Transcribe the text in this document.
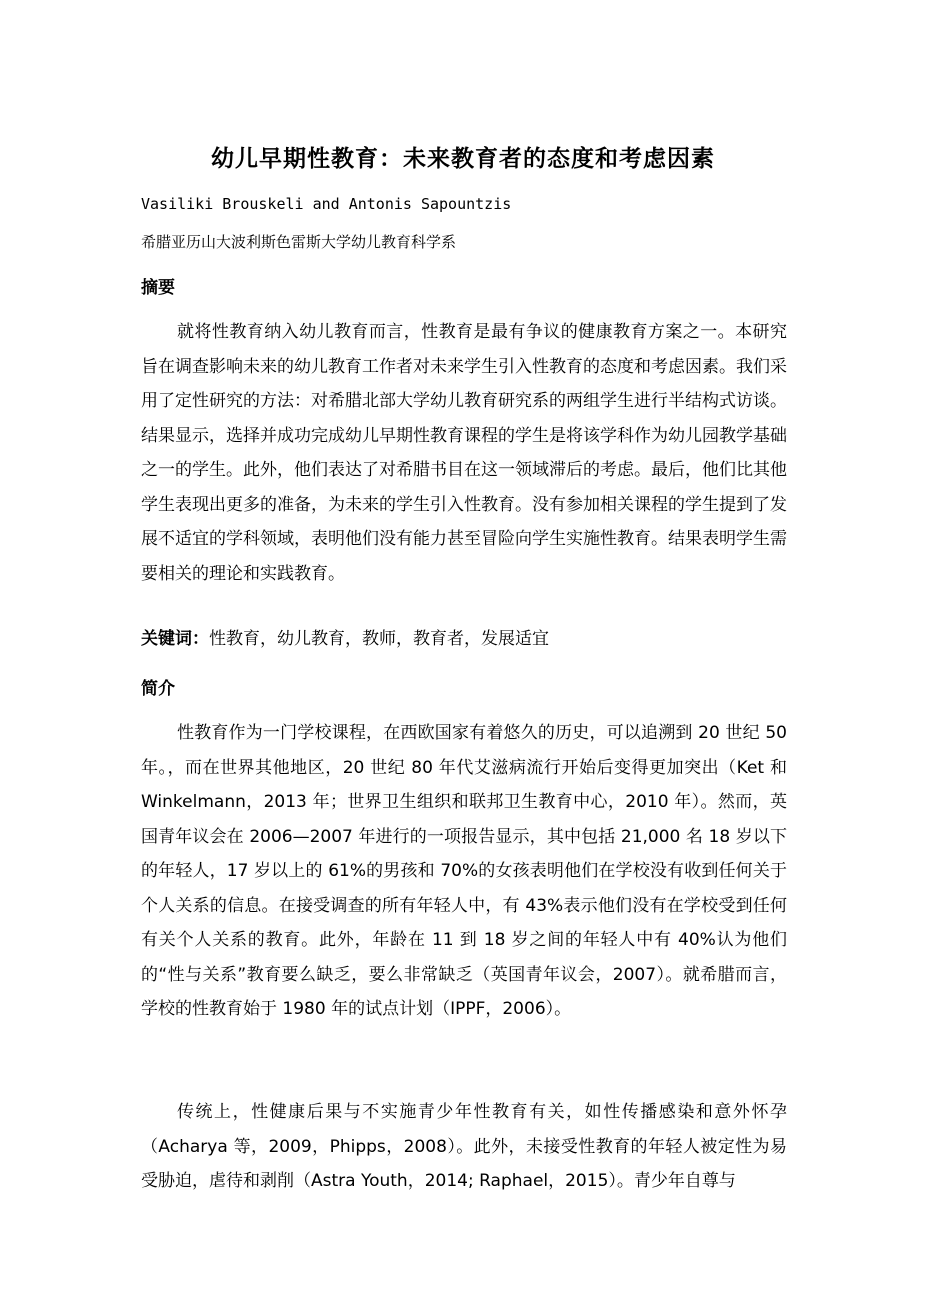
幼儿早期性教育：未来教育者的态度和考虑因素
Vasiliki Brouskeli and Antonis Sapountzis
希腊亚历山大波利斯色雷斯大学幼儿教育科学系
摘要
就将性教育纳入幼儿教育而言，性教育是最有争议的健康教育方案之一。本研究旨在调查影响未来的幼儿教育工作者对未来学生引入性教育的态度和考虑因素。我们采用了定性研究的方法：对希腊北部大学幼儿教育研究系的两组学生进行半结构式访谈。结果显示，选择并成功完成幼儿早期性教育课程的学生是将该学科作为幼儿园教学基础之一的学生。此外，他们表达了对希腊书目在这一领域滞后的考虑。最后，他们比其他学生表现出更多的准备，为未来的学生引入性教育。没有参加相关课程的学生提到了发展不适宜的学科领域，表明他们没有能力甚至冒险向学生实施性教育。结果表明学生需要相关的理论和实践教育。
关键词：性教育，幼儿教育，教师，教育者，发展适宜
简介
性教育作为一门学校课程，在西欧国家有着悠久的历史，可以追溯到 20 世纪 50 年。，而在世界其他地区，20 世纪 80 年代艾滋病流行开始后变得更加突出（Ket 和 Winkelmann，2013 年；世界卫生组织和联邦卫生教育中心，2010 年）。然而，英国青年议会在 2006—2007 年进行的一项报告显示，其中包括 21,000 名 18 岁以下的年轻人，17 岁以上的 61%的男孩和 70%的女孩表明他们在学校没有收到任何关于个人关系的信息。在接受调查的所有年轻人中，有 43%表示他们没有在学校受到任何有关个人关系的教育。此外，年龄在 11 到 18 岁之间的年轻人中有 40%认为他们的“性与关系”教育要么缺乏，要么非常缺乏（英国青年议会，2007）。就希腊而言，学校的性教育始于 1980 年的试点计划（IPPF，2006）。
传统上，性健康后果与不实施青少年性教育有关，如性传播感染和意外怀孕（Acharya 等，2009，Phipps，2008）。此外，未接受性教育的年轻人被定性为易受胁迫，虐待和剥削（Astra Youth，2014; Raphael，2015）。青少年自尊与
